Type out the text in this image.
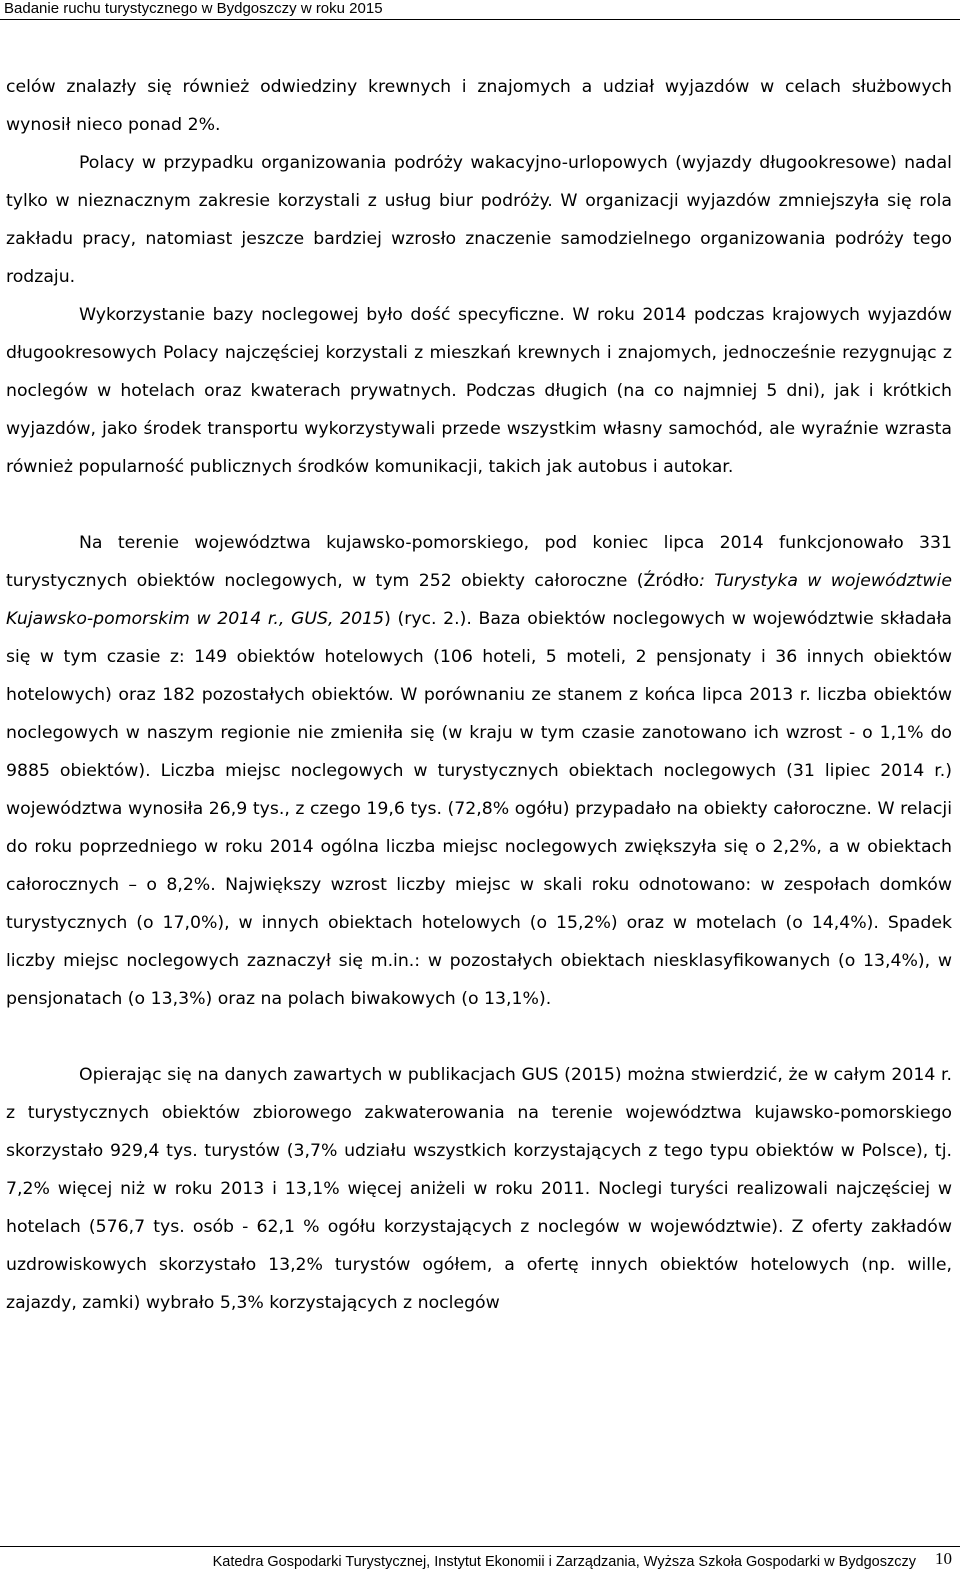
Badanie ruchu turystycznego w Bydgoszczy w roku 2015

celów znalazły się również odwiedziny krewnych i znajomych a udział wyjazdów w celach służbowych wynosił nieco ponad 2%.

Polacy w przypadku organizowania podróży wakacyjno-urlopowych (wyjazdy długookresowe) nadal tylko w nieznacznym zakresie korzystali z usług biur podróży. W organizacji wyjazdów zmniejszyła się rola zakładu pracy, natomiast jeszcze bardziej wzrosło znaczenie samodzielnego organizowania podróży tego rodzaju.

Wykorzystanie bazy noclegowej było dość specyficzne. W roku 2014 podczas krajowych wyjazdów długookresowych Polacy najczęściej korzystali z mieszkań krewnych i znajomych, jednocześnie rezygnując z noclegów w hotelach oraz kwaterach prywatnych. Podczas długich (na co najmniej 5 dni), jak i krótkich wyjazdów, jako środek transportu wykorzystywali przede wszystkim własny samochód, ale wyraźnie wzrasta również popularność publicznych środków komunikacji, takich jak autobus i autokar.

Na terenie województwa kujawsko-pomorskiego, pod koniec lipca 2014 funkcjonowało 331 turystycznych obiektów noclegowych, w tym 252 obiekty całoroczne (Źródło: Turystyka w województwie Kujawsko-pomorskim w 2014 r., GUS, 2015) (ryc. 2.). Baza obiektów noclegowych w województwie składała się w tym czasie z: 149 obiektów hotelowych (106 hoteli, 5 moteli, 2 pensjonaty i 36 innych obiektów hotelowych) oraz 182 pozostałych obiektów. W porównaniu ze stanem z końca lipca 2013 r. liczba obiektów noclegowych w naszym regionie nie zmieniła się (w kraju w tym czasie zanotowano ich wzrost - o 1,1% do 9885 obiektów). Liczba miejsc noclegowych w turystycznych obiektach noclegowych (31 lipiec 2014 r.) województwa wynosiła 26,9 tys., z czego 19,6 tys. (72,8% ogółu) przypadało na obiekty całoroczne. W relacji do roku poprzedniego w roku 2014 ogólna liczba miejsc noclegowych zwiększyła się o 2,2%, a w obiektach całorocznych – o 8,2%. Największy wzrost liczby miejsc w skali roku odnotowano: w zespołach domków turystycznych (o 17,0%), w innych obiektach hotelowych (o 15,2%) oraz w motelach (o 14,4%). Spadek liczby miejsc noclegowych zaznaczył się m.in.: w pozostałych obiektach niesklasyfikowanych (o 13,4%), w pensjonatach (o 13,3%) oraz na polach biwakowych (o 13,1%).

Opierając się na danych zawartych w publikacjach GUS (2015) można stwierdzić, że w całym 2014 r. z turystycznych obiektów zbiorowego zakwaterowania na terenie województwa kujawsko-pomorskiego skorzystało 929,4 tys. turystów (3,7% udziału wszystkich korzystających z tego typu obiektów w Polsce), tj. 7,2% więcej niż w roku 2013 i 13,1% więcej aniżeli w roku 2011. Noclegi turyści realizowali najczęściej w hotelach (576,7 tys. osób - 62,1 % ogółu korzystających z noclegów w województwie). Z oferty zakładów uzdrowiskowych skorzystało 13,2% turystów ogółem, a ofertę innych obiektów hotelowych (np. wille, zajazdy, zamki) wybrało 5,3% korzystających z noclegów

Katedra Gospodarki Turystycznej, Instytut Ekonomii i Zarządzania, Wyższa Szkoła Gospodarki w Bydgoszczy 10
